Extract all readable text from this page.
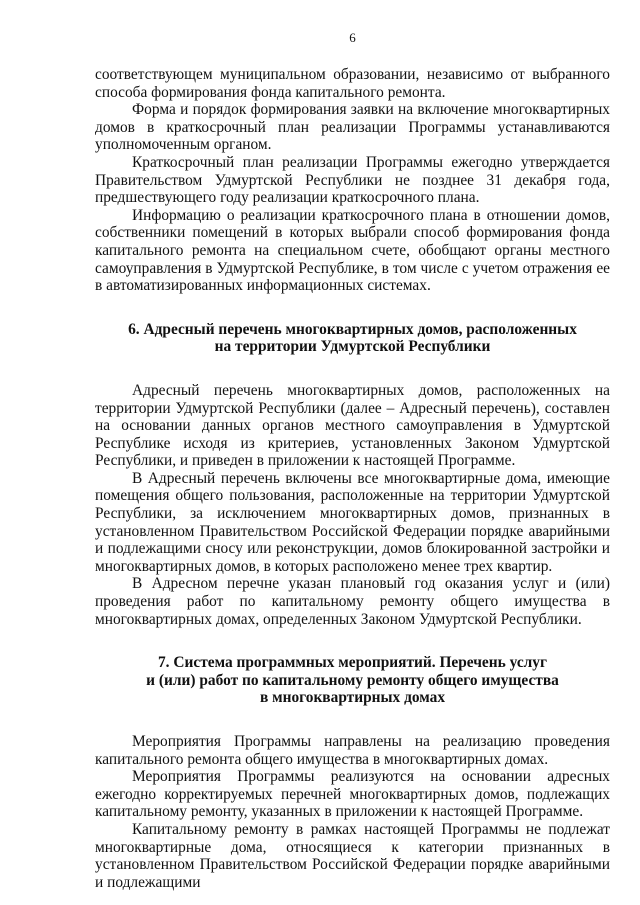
6

соответствующем муниципальном образовании, независимо от выбранного способа формирования фонда капитального ремонта.

Форма и порядок формирования заявки на включение многоквартирных домов в краткосрочный план реализации Программы устанавливаются уполномоченным органом.

Краткосрочный план реализации Программы ежегодно утверждается Правительством Удмуртской Республики не позднее 31 декабря года, предшествующего году реализации краткосрочного плана.

Информацию о реализации краткосрочного плана в отношении домов, собственники помещений в которых выбрали способ формирования фонда капитального ремонта на специальном счете, обобщают органы местного самоуправления в Удмуртской Республике, в том числе с учетом отражения ее в автоматизированных информационных системах.

6. Адресный перечень многоквартирных домов, расположенных
на территории Удмуртской Республики

Адресный перечень многоквартирных домов, расположенных на территории Удмуртской Республики (далее – Адресный перечень), составлен на основании данных органов местного самоуправления в Удмуртской Республике исходя из критериев, установленных Законом Удмуртской Республики, и приведен в приложении к настоящей Программе.

В Адресный перечень включены все многоквартирные дома, имеющие помещения общего пользования, расположенные на территории Удмуртской Республики, за исключением многоквартирных домов, признанных в установленном Правительством Российской Федерации порядке аварийными и подлежащими сносу или реконструкции, домов блокированной застройки и многоквартирных домов, в которых расположено менее трех квартир.

В Адресном перечне указан плановый год оказания услуг и (или) проведения работ по капитальному ремонту общего имущества в многоквартирных домах, определенных Законом Удмуртской Республики.

7. Система программных мероприятий. Перечень услуг
и (или) работ по капитальному ремонту общего имущества
в многоквартирных домах

Мероприятия Программы направлены на реализацию проведения капитального ремонта общего имущества в многоквартирных домах.

Мероприятия Программы реализуются на основании адресных ежегодно корректируемых перечней многоквартирных домов, подлежащих капитальному ремонту, указанных в приложении к настоящей Программе.

Капитальному ремонту в рамках настоящей Программы не подлежат многоквартирные дома, относящиеся к категории признанных в установленном Правительством Российской Федерации порядке аварийными и подлежащими
